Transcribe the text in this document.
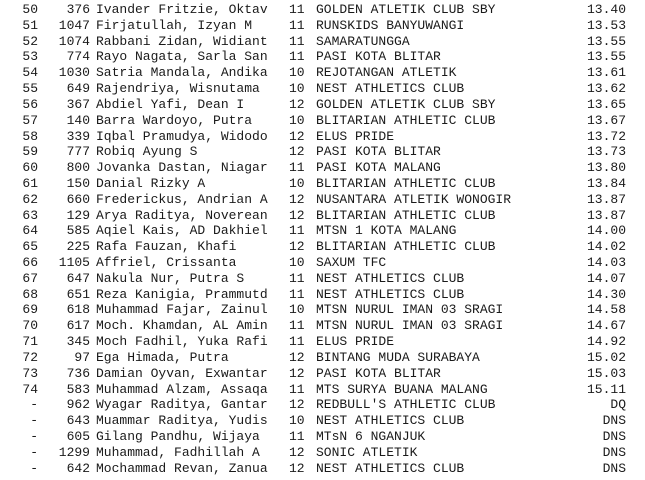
50	376 Ivander Fritzie, Oktav	11 GOLDEN ATLETIK CLUB SBY	13.40
51	1047 Firjatullah, Izyan M	11 RUNSKIDS BANYUWANGI	13.53
52	1074 Rabbani Zidan, Widiant	11 SAMARATUNGGA	13.55
53	774 Rayo Nagata, Sarla San	11 PASI KOTA BLITAR	13.55
54	1030 Satria Mandala, Andika	10 REJOTANGAN ATLETIK	13.61
55	649 Rajendriya, Wisnutama	10 NEST ATHLETICS CLUB	13.62
56	367 Abdiel Yafi, Dean I	12 GOLDEN ATLETIK CLUB SBY	13.65
57	140 Barra Wardoyo, Putra	10 BLITARIAN ATHLETIC CLUB	13.67
58	339 Iqbal Pramudya, Widodo	12 ELUS PRIDE	13.72
59	777 Robiq Ayung S	12 PASI KOTA BLITAR	13.73
60	800 Jovanka Dastan, Niagar	11 PASI KOTA MALANG	13.80
61	150 Danial Rizky A	10 BLITARIAN ATHLETIC CLUB	13.84
62	660 Frederickus, Andrian A	12 NUSANTARA ATLETIK WONOGIR	13.87
63	129 Arya Raditya, Noverean	12 BLITARIAN ATHLETIC CLUB	13.87
64	585 Aqiel Kais, AD Dakhiel	11 MTSN 1 KOTA MALANG	14.00
65	225 Rafa Fauzan, Khafi	12 BLITARIAN ATHLETIC CLUB	14.02
66	1105 Affriel, Crissanta	10 SAXUM TFC	14.03
67	647 Nakula Nur, Putra S	11 NEST ATHLETICS CLUB	14.07
68	651 Reza Kanigia, Prammutd	11 NEST ATHLETICS CLUB	14.30
69	618 Muhammad Fajar, Zainul	10 MTSN NURUL IMAN 03 SRAGI	14.58
70	617 Moch. Khamdan, AL Amin	11 MTSN NURUL IMAN 03 SRAGI	14.67
71	345 Moch Fadhil, Yuka Rafi	11 ELUS PRIDE	14.92
72	97 Ega Himada, Putra	12 BINTANG MUDA SURABAYA	15.02
73	736 Damian Oyvan, Exwantar	12 PASI KOTA BLITAR	15.03
74	583 Muhammad Alzam, Assaqa	11 MTS SURYA BUANA MALANG	15.11
-	962 Wyagar Raditya, Gantar	12 REDBULL'S ATHLETIC CLUB	DQ
-	643 Muammar Raditya, Yudis	10 NEST ATHLETICS CLUB	DNS
-	605 Gilang Pandhu, Wijaya	11 MTsN 6 NGANJUK	DNS
-	1299 Muhammad, Fadhillah A	12 SONIC ATLETIK	DNS
-	642 Mochammad Revan, Zanua	12 NEST ATHLETICS CLUB	DNS
